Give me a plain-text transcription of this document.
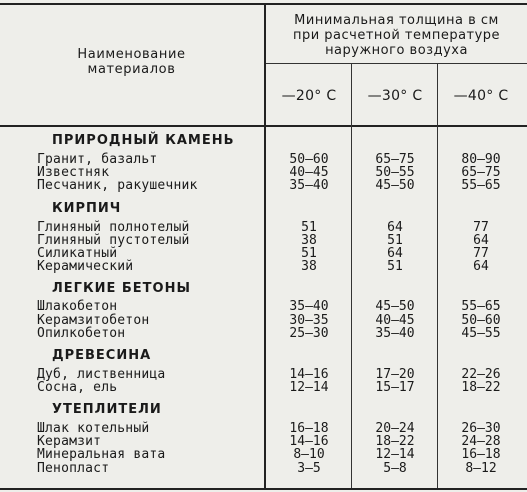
Наименование
материалов
Минимальная толщина в см
при расчетной температуре
наружного воздуха
—20° С	—30° С	—40° С
ПРИРОДНЫЙ КАМЕНЬ
Гранит, базальт	50—60	65—75	80—90
Известняк	40—45	50—55	65—75
Песчаник, ракушечник	35—40	45—50	55—65
КИРПИЧ
Глиняный полнотелый	51	64	77
Глиняный пустотелый	38	51	64
Силикатный	51	64	77
Керамический	38	51	64
ЛЕГКИЕ БЕТОНЫ
Шлакобетон	35—40	45—50	55—65
Керамзитобетон	30—35	40—45	50—60
Опилкобетон	25—30	35—40	45—55
ДРЕВЕСИНА
Дуб, лиственница	14—16	17—20	22—26
Сосна, ель	12—14	15—17	18—22
УТЕПЛИТЕЛИ
Шлак котельный	16—18	20—24	26—30
Керамзит	14—16	18—22	24—28
Минеральная вата	8—10	12—14	16—18
Пенопласт	3—5	5—8	8—12
